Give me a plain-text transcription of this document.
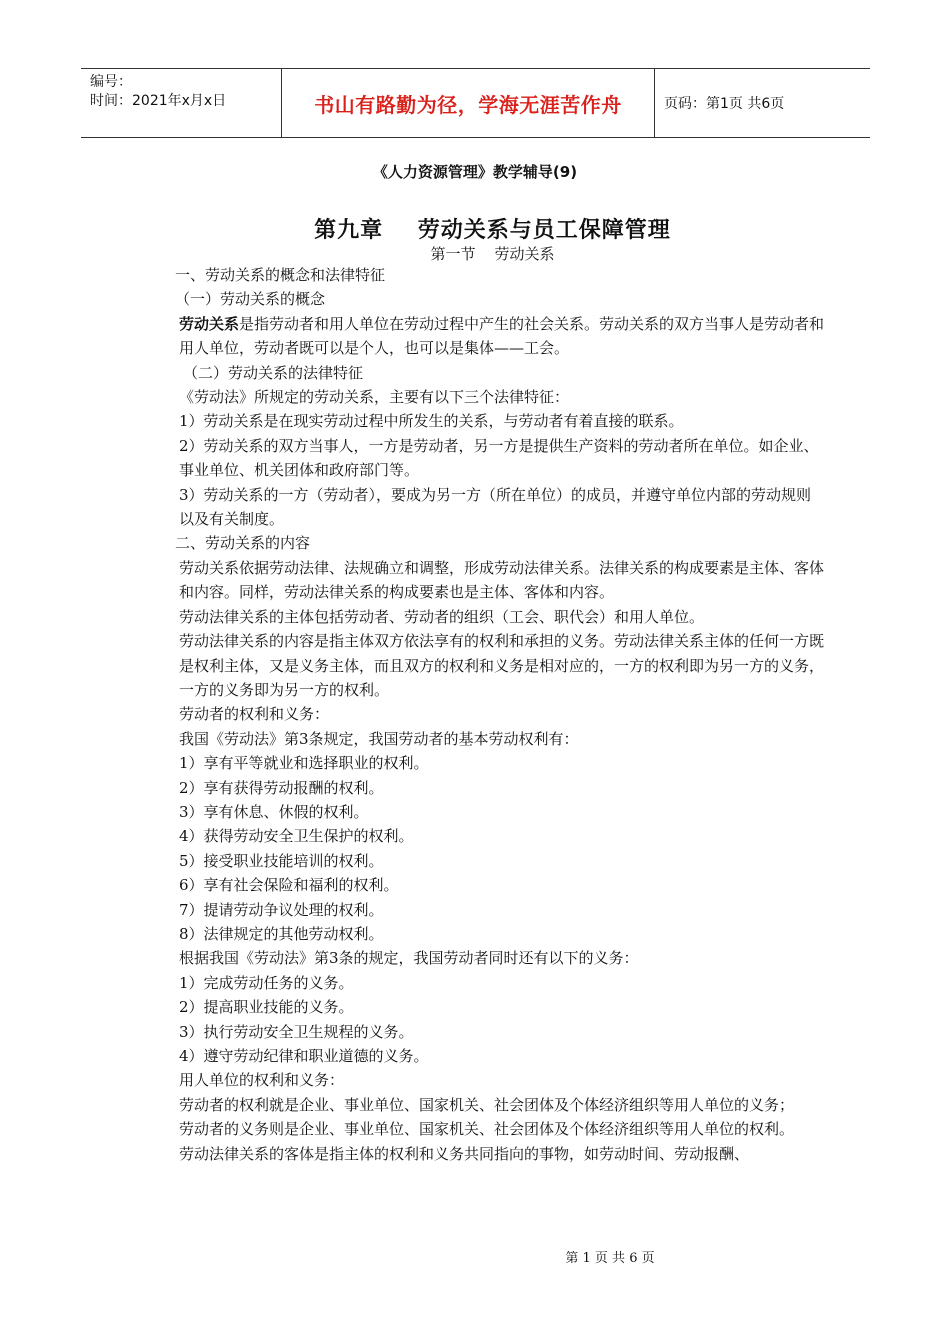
编号：
时间：2021年x月x日	书山有路勤为径，学海无涯苦作舟	页码：第1页 共6页
《人力资源管理》教学辅导(9)
第九章    劳动关系与员工保障管理
第一节    劳动关系

一、劳动关系的概念和法律特征

（一）劳动关系的概念

劳动关系是指劳动者和用人单位在劳动过程中产生的社会关系。劳动关系的双方当事人是劳动者和用人单位，劳动者既可以是个人，也可以是集体——工会。

（二）劳动关系的法律特征

《劳动法》所规定的劳动关系，主要有以下三个法律特征：

1）劳动关系是在现实劳动过程中所发生的关系，与劳动者有着直接的联系。

2）劳动关系的双方当事人，一方是劳动者，另一方是提供生产资料的劳动者所在单位。如企业、事业单位、机关团体和政府部门等。

3）劳动关系的一方（劳动者），要成为另一方（所在单位）的成员，并遵守单位内部的劳动规则以及有关制度。

二、劳动关系的内容

劳动关系依据劳动法律、法规确立和调整，形成劳动法律关系。法律关系的构成要素是主体、客体和内容。同样，劳动法律关系的构成要素也是主体、客体和内容。

劳动法律关系的主体包括劳动者、劳动者的组织（工会、职代会）和用人单位。

劳动法律关系的内容是指主体双方依法享有的权利和承担的义务。劳动法律关系主体的任何一方既是权利主体，又是义务主体，而且双方的权利和义务是相对应的，一方的权利即为另一方的义务，一方的义务即为另一方的权利。

劳动者的权利和义务：

我国《劳动法》第3条规定，我国劳动者的基本劳动权利有：

1）享有平等就业和选择职业的权利。

2）享有获得劳动报酬的权利。

3）享有休息、休假的权利。

4）获得劳动安全卫生保护的权利。

5）接受职业技能培训的权利。

6）享有社会保险和福利的权利。

7）提请劳动争议处理的权利。

8）法律规定的其他劳动权利。

根据我国《劳动法》第3条的规定，我国劳动者同时还有以下的义务：

1）完成劳动任务的义务。

2）提高职业技能的义务。

3）执行劳动安全卫生规程的义务。

4）遵守劳动纪律和职业道德的义务。

用人单位的权利和义务：

劳动者的权利就是企业、事业单位、国家机关、社会团体及个体经济组织等用人单位的义务；

劳动者的义务则是企业、事业单位、国家机关、社会团体及个体经济组织等用人单位的权利。

劳动法律关系的客体是指主体的权利和义务共同指向的事物，如劳动时间、劳动报酬、

第 1 页 共 6 页
